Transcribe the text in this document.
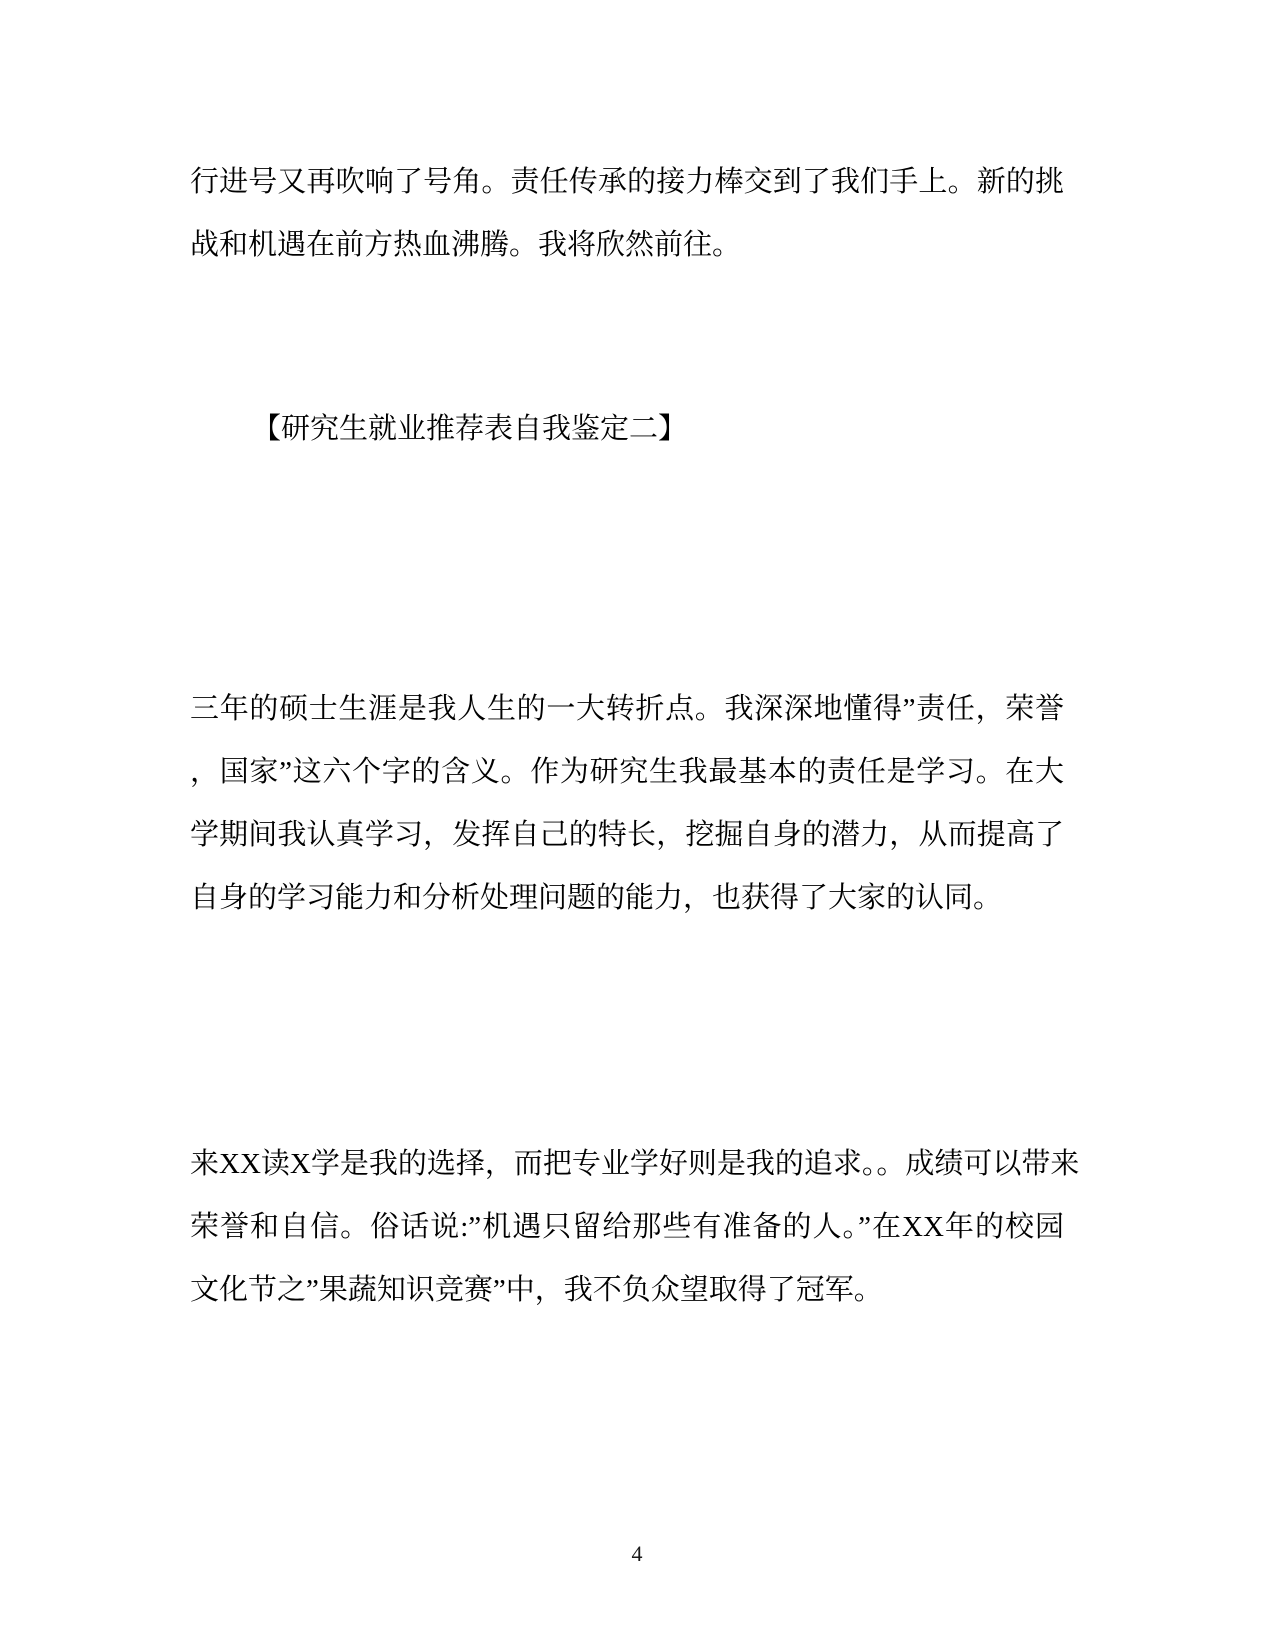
行进号又再吹响了号角。责任传承的接力棒交到了我们手上。新的挑
战和机遇在前方热血沸腾。我将欣然前往。
【研究生就业推荐表自我鉴定二】
三年的硕士生涯是我人生的一大转折点。我深深地懂得”责任，荣誉
，国家”这六个字的含义。作为研究生我最基本的责任是学习。在大
学期间我认真学习，发挥自己的特长，挖掘自身的潜力，从而提高了
自身的学习能力和分析处理问题的能力，也获得了大家的认同。
来XX读X学是我的选择，而把专业学好则是我的追求。。成绩可以带来
荣誉和自信。俗话说:”机遇只留给那些有准备的人。”在XX年的校园
文化节之”果蔬知识竞赛”中，我不负众望取得了冠军。
4
